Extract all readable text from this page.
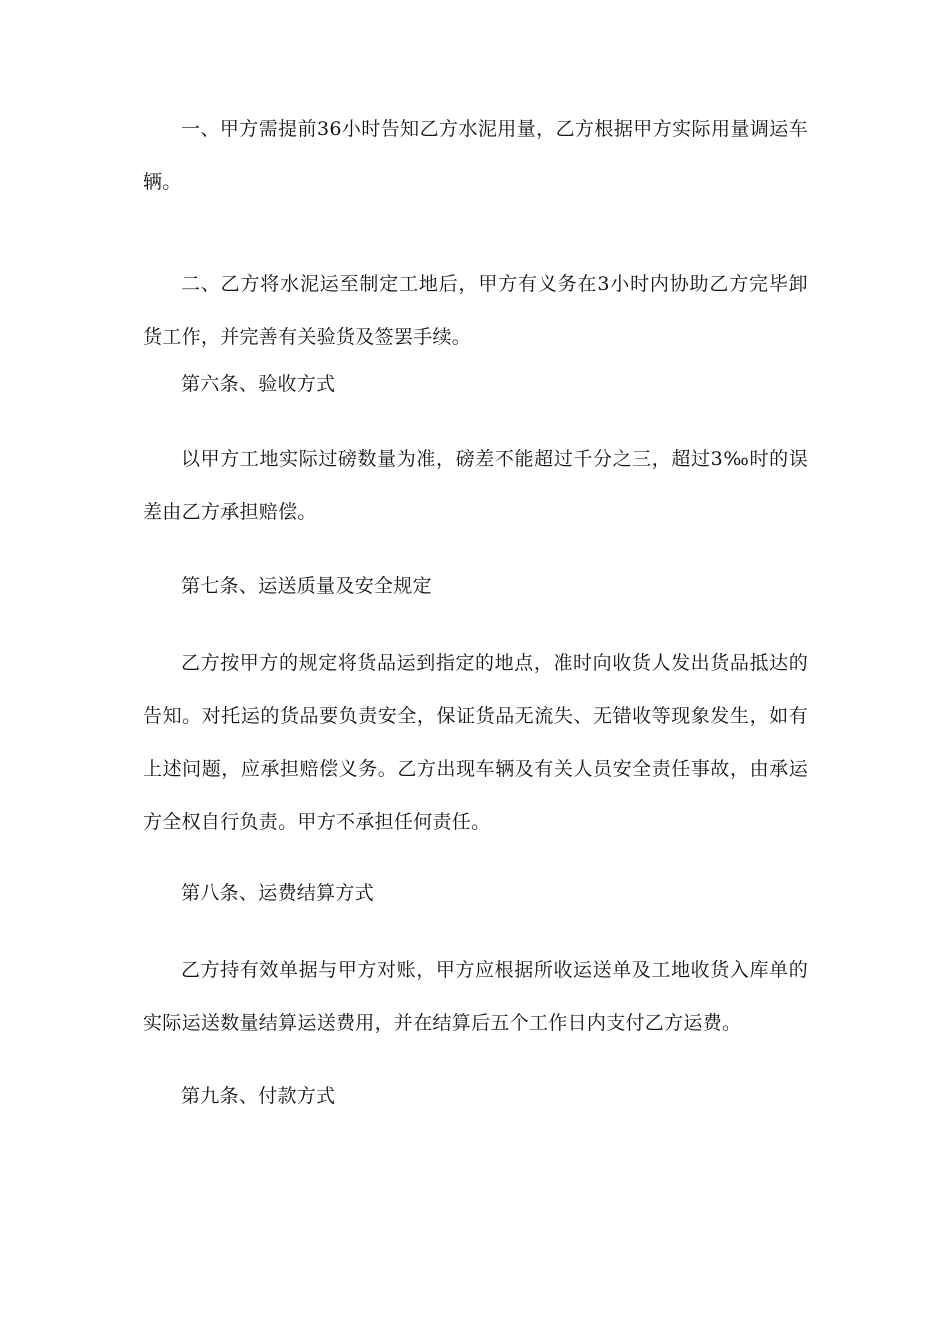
一、甲方需提前36小时告知乙方水泥用量，乙方根据甲方实际用量调运车辆。

二、乙方将水泥运至制定工地后，甲方有义务在3小时内协助乙方完毕卸货工作，并完善有关验货及签罢手续。

第六条、验收方式

以甲方工地实际过磅数量为准，磅差不能超过千分之三，超过3‰时的误差由乙方承担赔偿。

第七条、运送质量及安全规定

乙方按甲方的规定将货品运到指定的地点，准时向收货人发出货品抵达的告知。对托运的货品要负责安全，保证货品无流失、无错收等现象发生，如有上述问题，应承担赔偿义务。乙方出现车辆及有关人员安全责任事故，由承运方全权自行负责。甲方不承担任何责任。

第八条、运费结算方式

乙方持有效单据与甲方对账，甲方应根据所收运送单及工地收货入库单的实际运送数量结算运送费用，并在结算后五个工作日内支付乙方运费。

第九条、付款方式
